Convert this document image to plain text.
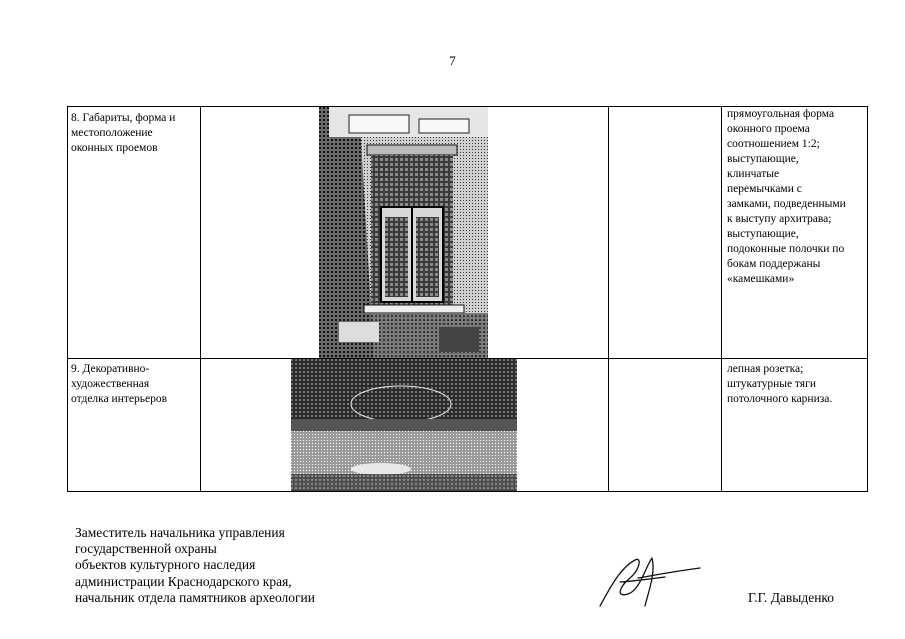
7
8. Габариты, форма и
местоположение
оконных проемов
прямоугольная форма
оконного проема
соотношением 1:2;
выступающие,
клинчатые
перемычками с
замками, подведенными
к выступу архитрава;
выступающие,
подоконные полочки по
бокам поддержаны
«камешками»
9. Декоративно-
художественная
отделка интерьеров
лепная розетка;
штукатурные тяги
потолочного карниза.
Заместитель начальника управления
государственной охраны
объектов культурного наследия
администрации Краснодарского края,
начальник отдела памятников археологии	Г.Г. Давыденко
